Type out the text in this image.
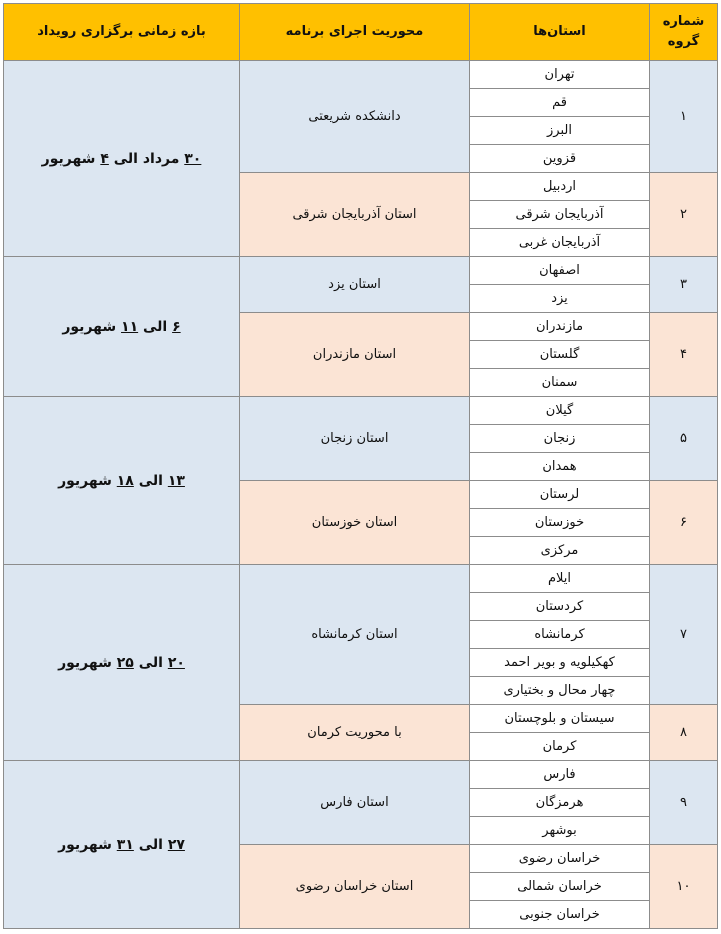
شماره گروه	استان‌ها	محوریت اجرای برنامه	بازه زمانی برگزاری رویداد
۱	تهران	دانشکده شریعتی	۳۰ مرداد الی ۴ شهریور
	قم		
	البرز		
	قزوین		
۲	اردبیل	استان آذربایجان شرقی	
	آذربایجان شرقی		
	آذربایجان غربی		
۳	اصفهان	استان یزد	۶ الی ۱۱ شهریور
	یزد		
۴	مازندران	استان مازندران	
	گلستان		
	سمنان		
۵	گیلان	استان زنجان	۱۳ الی ۱۸ شهریور
	زنجان		
	همدان		
۶	لرستان	استان خوزستان	
	خوزستان		
	مرکزی		
۷	ایلام	استان کرمانشاه	۲۰ الی ۲۵ شهریور
	کردستان		
	کرمانشاه		
	کهکیلویه و بویر احمد		
	چهار محال و بختیاری		
۸	سیستان و بلوچستان	با محوریت کرمان	
	کرمان		
۹	فارس	استان فارس	۲۷ الی ۳۱ شهریور
	هرمزگان		
	بوشهر		
۱۰	خراسان رضوی	استان خراسان رضوی	
	خراسان شمالی		
	خراسان جنوبی		
